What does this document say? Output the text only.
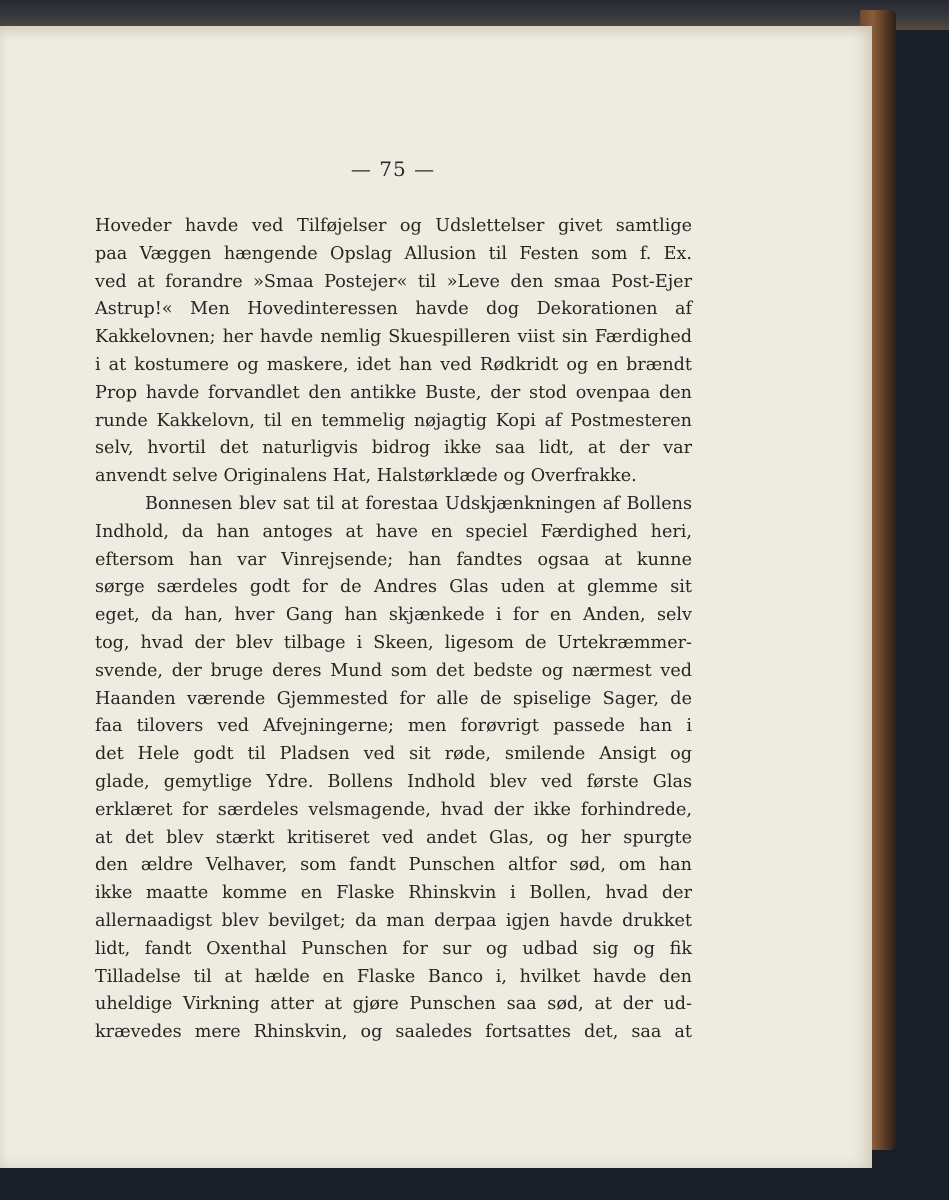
— 75 —
Hoveder havde ved Tilføjelser og Udslettelser givet samtlige
paa Væggen hængende Opslag Allusion til Festen som f. Ex.
ved at forandre »Smaa Postejer« til »Leve den smaa Post-Ejer
Astrup!« Men Hovedinteressen havde dog Dekorationen af
Kakkelovnen; her havde nemlig Skuespilleren viist sin Færdighed
i at kostumere og maskere, idet han ved Rødkridt og en brændt
Prop havde forvandlet den antikke Buste, der stod ovenpaa den
runde Kakkelovn, til en temmelig nøjagtig Kopi af Postmesteren
selv, hvortil det naturligvis bidrog ikke saa lidt, at der var
anvendt selve Originalens Hat, Halstørklæde og Overfrakke.
Bonnesen blev sat til at forestaa Udskjænkningen af Bollens
Indhold, da han antoges at have en speciel Færdighed heri,
eftersom han var Vinrejsende; han fandtes ogsaa at kunne
sørge særdeles godt for de Andres Glas uden at glemme sit
eget, da han, hver Gang han skjænkede i for en Anden, selv
tog, hvad der blev tilbage i Skeen, ligesom de Urtekræmmer-
svende, der bruge deres Mund som det bedste og nærmest ved
Haanden værende Gjemmested for alle de spiselige Sager, de
faa tilovers ved Afvejningerne; men forøvrigt passede han i
det Hele godt til Pladsen ved sit røde, smilende Ansigt og
glade, gemytlige Ydre. Bollens Indhold blev ved første Glas
erklæret for særdeles velsmagende, hvad der ikke forhindrede,
at det blev stærkt kritiseret ved andet Glas, og her spurgte
den ældre Velhaver, som fandt Punschen altfor sød, om han
ikke maatte komme en Flaske Rhinskvin i Bollen, hvad der
allernaadigst blev bevilget; da man derpaa igjen havde drukket
lidt, fandt Oxenthal Punschen for sur og udbad sig og fik
Tilladelse til at hælde en Flaske Banco i, hvilket havde den
uheldige Virkning atter at gjøre Punschen saa sød, at der ud-
krævedes mere Rhinskvin, og saaledes fortsattes det, saa at
